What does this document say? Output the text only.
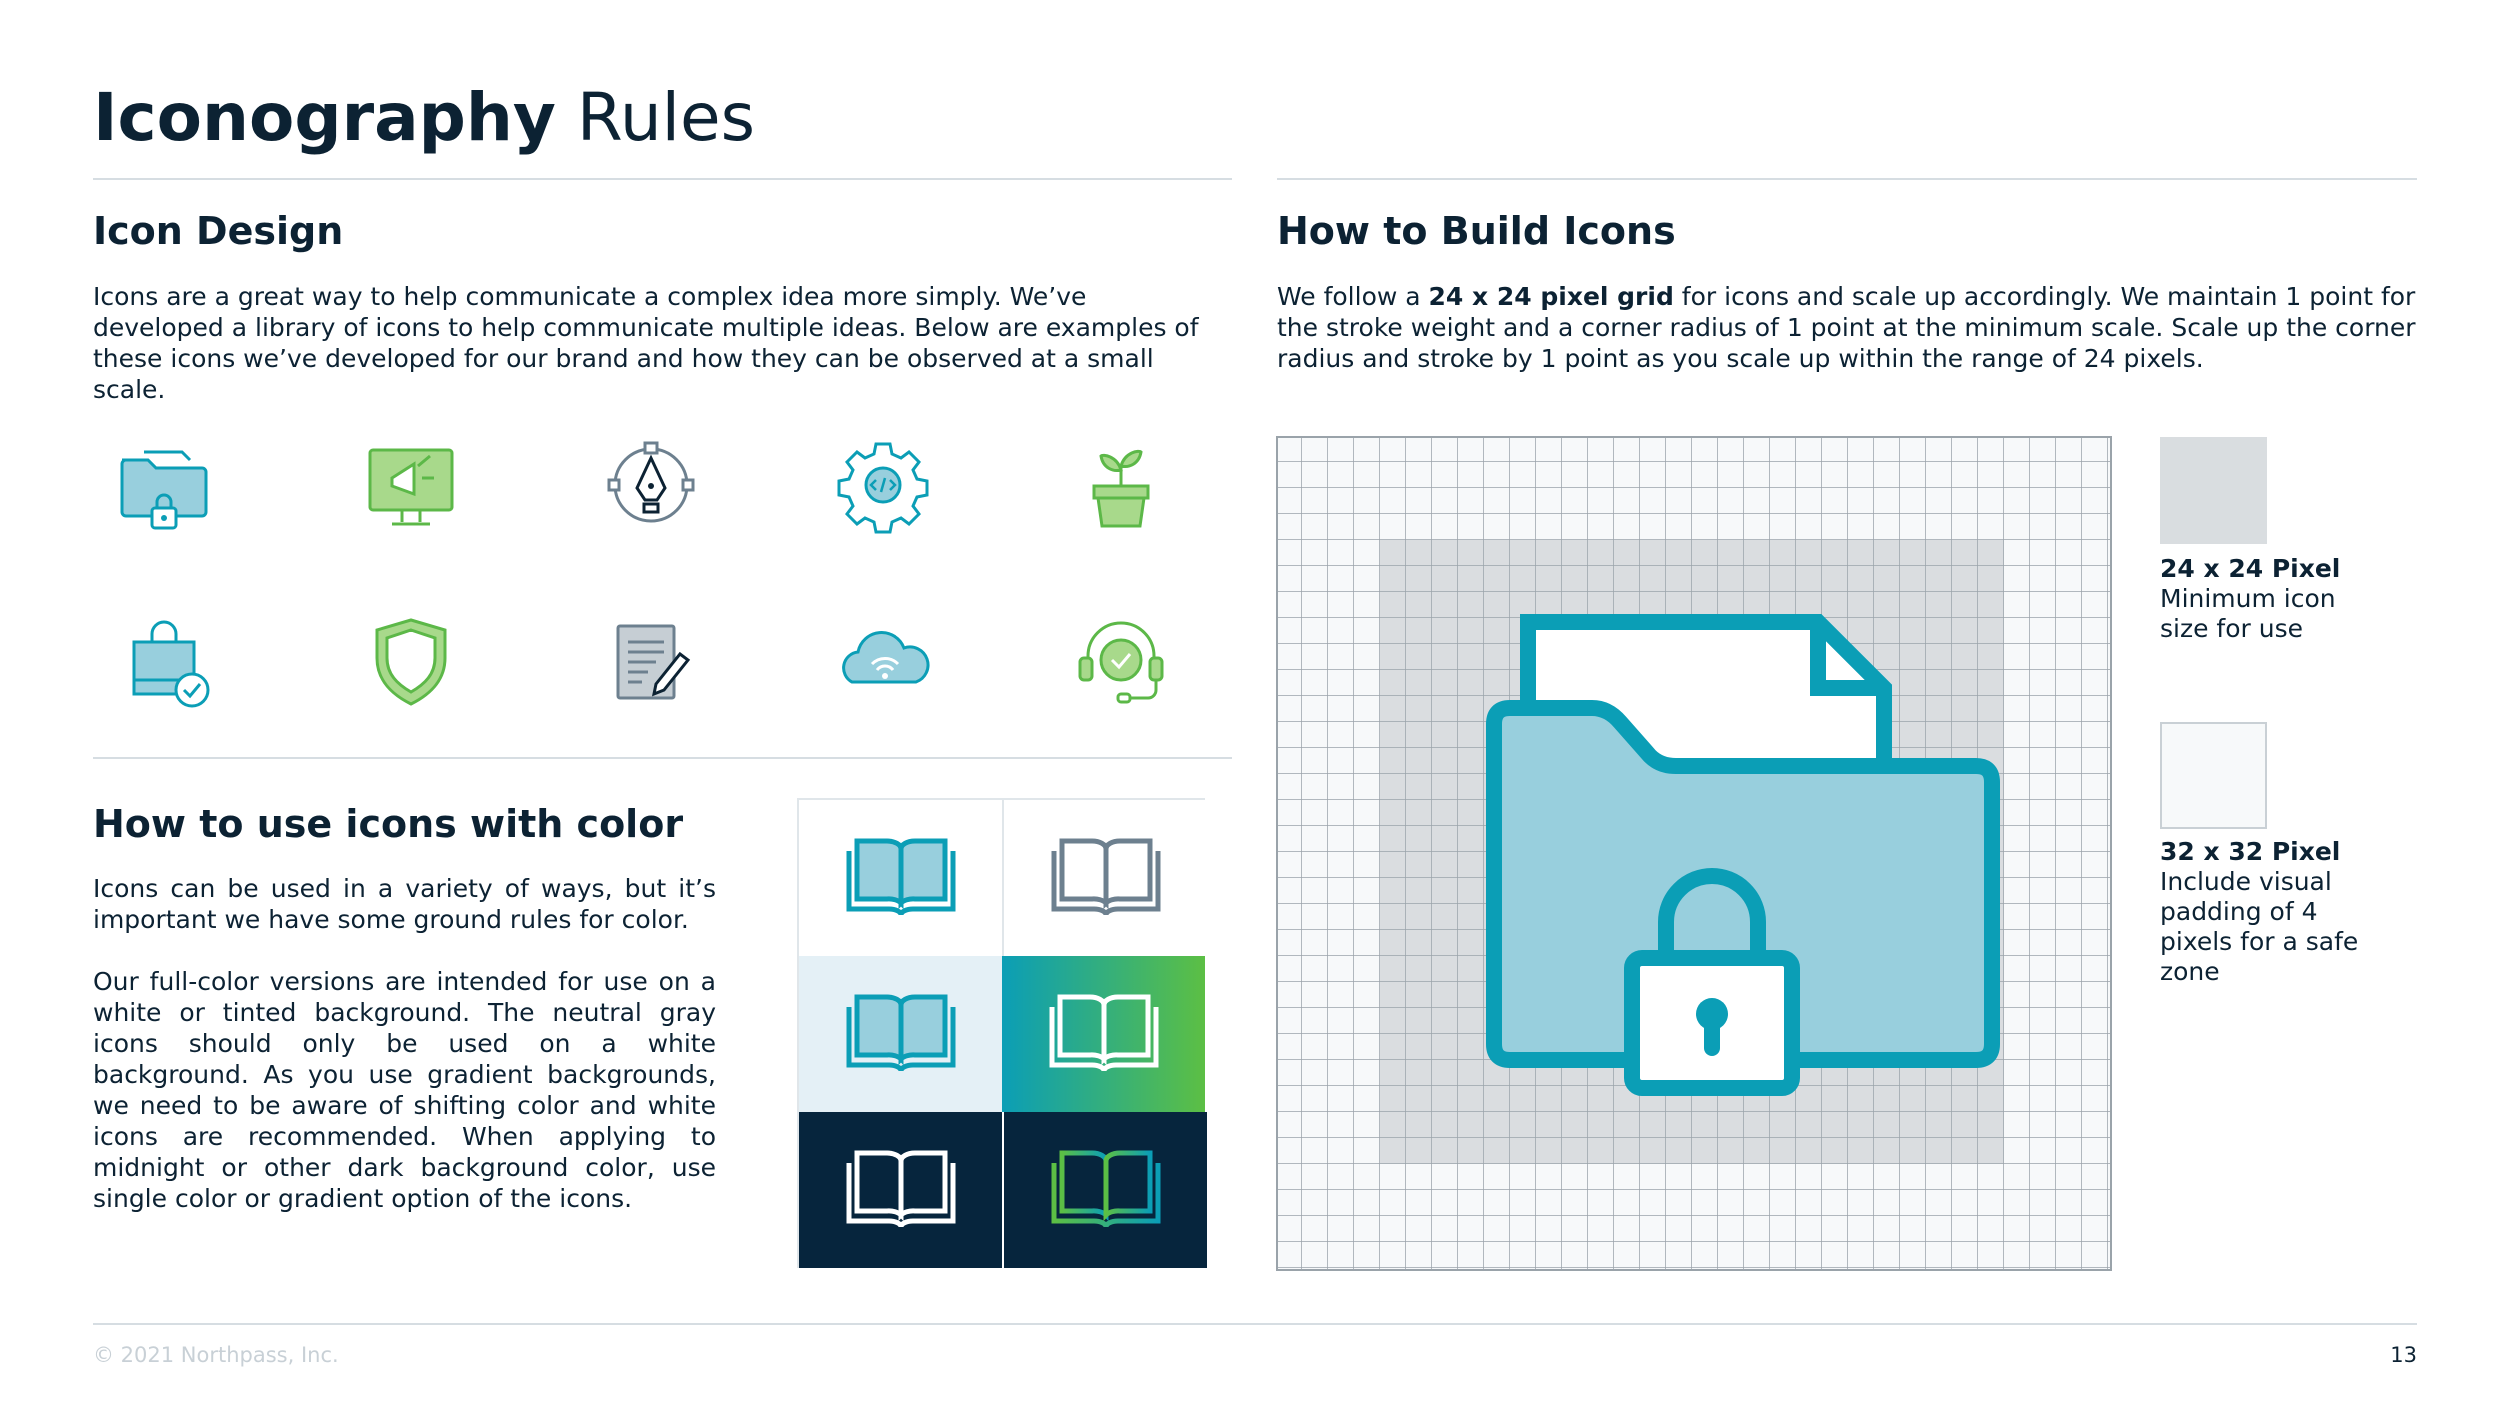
Iconography Rules
Icon Design

Icons are a great way to help communicate a complex idea more simply. We’ve developed a library of icons to help communicate multiple ideas. Below are examples of these icons we’ve developed for our brand and how they can be observed at a small scale.

How to use icons with color

Icons can be used in a variety of ways, but it’s important we have some ground rules for color.

Our full-color versions are intended for use on a white or tinted background. The neutral gray icons should only be used on a white background. As you use gradient backgrounds, we need to be aware of shifting color and white icons are recommended. When applying to midnight or other dark background color, use single color or gradient option of the icons.

How to Build Icons

We follow a 24 x 24 pixel grid for icons and scale up accordingly. We maintain 1 point for the stroke weight and a corner radius of 1 point at the minimum scale. Scale up the corner radius and stroke by 1 point as you scale up within the range of 24 pixels.

24 x 24 Pixel
Minimum icon size for use
32 x 32 Pixel
Include visual padding of 4 pixels for a safe zone
© 2021 Northpass, Inc.	13
